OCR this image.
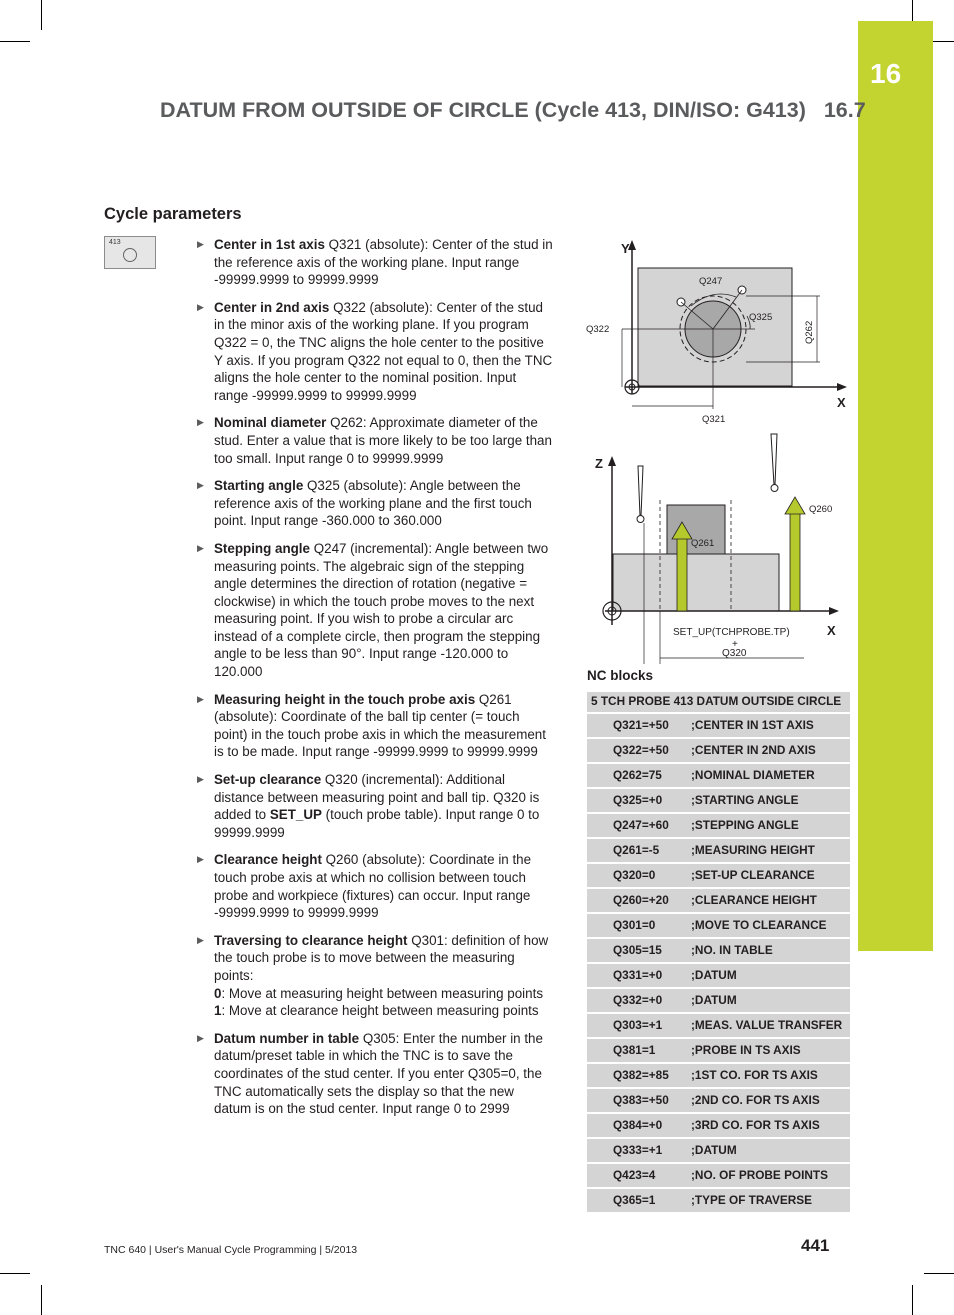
16
DATUM FROM OUTSIDE OF CIRCLE (Cycle 413, DIN/ISO: G413) 16.7
Cycle parameters
413	▶ Center in 1st axis Q321 (absolute): Center of the stud in the reference axis of the working plane. Input range -99999.9999 to 99999.9999
▶ Center in 2nd axis Q322 (absolute): Center of the stud in the minor axis of the working plane. If you program Q322 = 0, the TNC aligns the hole center to the positive Y axis. If you program Q322 not equal to 0, then the TNC aligns the hole center to the nominal position. Input range -99999.9999 to 99999.9999
▶ Nominal diameter Q262: Approximate diameter of the stud. Enter a value that is more likely to be too large than too small. Input range 0 to 99999.9999
▶ Starting angle Q325 (absolute): Angle between the reference axis of the working plane and the first touch point. Input range -360.000 to 360.000
▶ Stepping angle Q247 (incremental): Angle between two measuring points. The algebraic sign of the stepping angle determines the direction of rotation (negative = clockwise) in which the touch probe moves to the next measuring point. If you wish to probe a circular arc instead of a complete circle, then program the stepping angle to be less than 90°. Input range -120.000 to 120.000
▶ Measuring height in the touch probe axis Q261 (absolute): Coordinate of the ball tip center (= touch point) in the touch probe axis in which the measurement is to be made. Input range -99999.9999 to 99999.9999
▶ Set-up clearance Q320 (incremental): Additional distance between measuring point and ball tip. Q320 is added to SET_UP (touch probe table). Input range 0 to 99999.9999
▶ Clearance height Q260 (absolute): Coordinate in the touch probe axis at which no collision between touch probe and workpiece (fixtures) can occur. Input range -99999.9999 to 99999.9999
▶ Traversing to clearance height Q301: definition of how the touch probe is to move between the measuring points:
0: Move at measuring height between measuring points
1: Move at clearance height between measuring points
▶ Datum number in table Q305: Enter the number in the datum/preset table in which the TNC is to save the coordinates of the stud center. If you enter Q305=0, the TNC automatically sets the display so that the new datum is on the stud center. Input range 0 to 2999
Y
X
Q247
Q325
Q322	Q262
Q321
Z
X
Q261
Q260
SET_UP(TCHPROBE.TP)
+
Q320
NC blocks
5 TCH PROBE 413 DATUM OUTSIDE CIRCLE	
Q321=+50	;CENTER IN 1ST AXIS
Q322=+50	;CENTER IN 2ND AXIS
Q262=75	;NOMINAL DIAMETER
Q325=+0	;STARTING ANGLE
Q247=+60	;STEPPING ANGLE
Q261=-5	;MEASURING HEIGHT
Q320=0	;SET-UP CLEARANCE
Q260=+20	;CLEARANCE HEIGHT
Q301=0	;MOVE TO CLEARANCE
Q305=15	;NO. IN TABLE
Q331=+0	;DATUM
Q332=+0	;DATUM
Q303=+1	;MEAS. VALUE TRANSFER
Q381=1	;PROBE IN TS AXIS
Q382=+85	;1ST CO. FOR TS AXIS
Q383=+50	;2ND CO. FOR TS AXIS
Q384=+0	;3RD CO. FOR TS AXIS
Q333=+1	;DATUM
Q423=4	;NO. OF PROBE POINTS
Q365=1	;TYPE OF TRAVERSE
TNC 640 | User's Manual Cycle Programming | 5/2013	441
